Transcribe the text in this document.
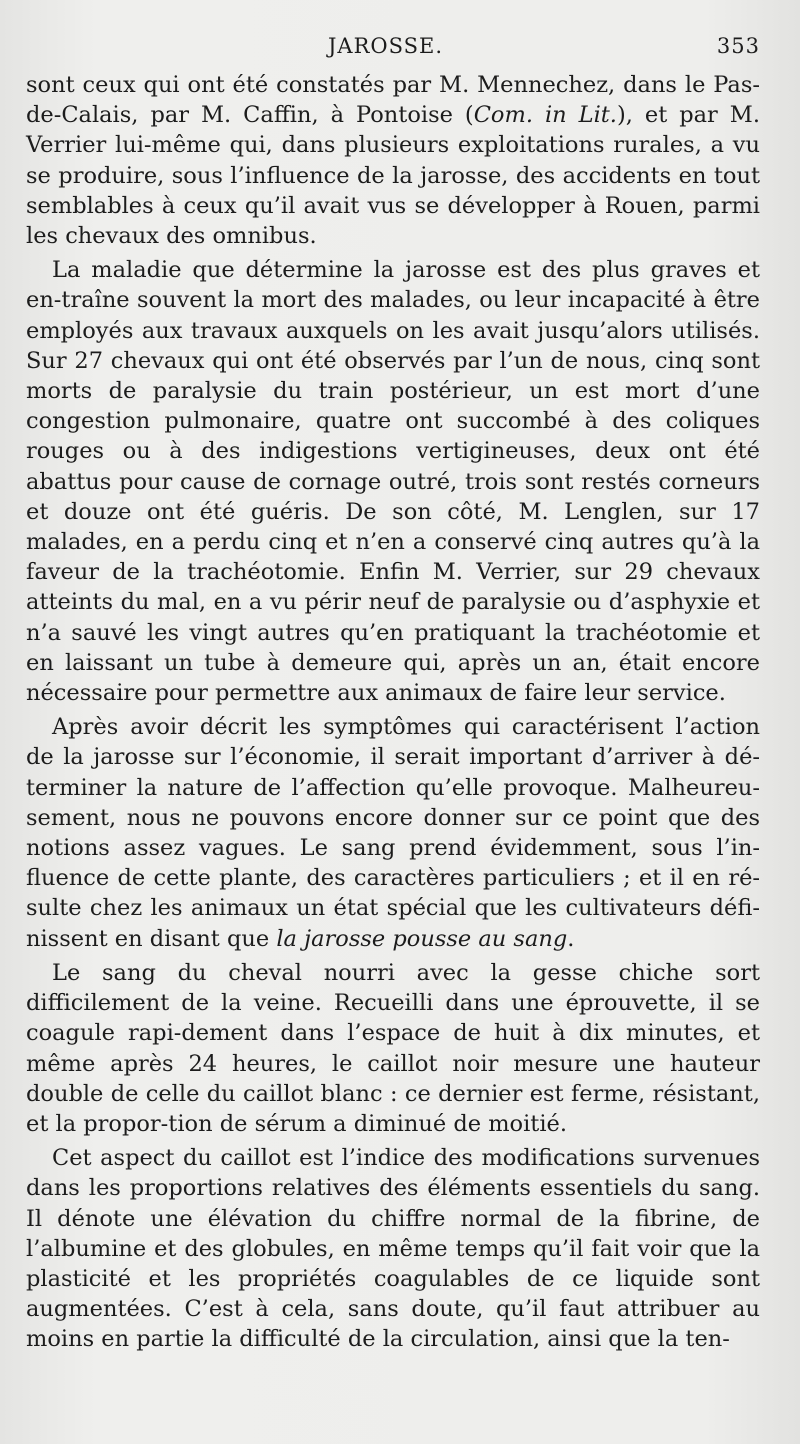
JAROSSE.	353

sont ceux qui ont été constatés par M. Mennechez, dans le Pas-de-Calais, par M. Caffin, à Pontoise (Com. in Lit.), et par M. Verrier lui-même qui, dans plusieurs exploitations rurales, a vu se produire, sous l’influence de la jarosse, des accidents en tout semblables à ceux qu’il avait vus se développer à Rouen, parmi les chevaux des omnibus.

La maladie que détermine la jarosse est des plus graves et en-traîne souvent la mort des malades, ou leur incapacité à être employés aux travaux auxquels on les avait jusqu’alors utilisés. Sur 27 chevaux qui ont été observés par l’un de nous, cinq sont morts de paralysie du train postérieur, un est mort d’une congestion pulmonaire, quatre ont succombé à des coliques rouges ou à des indigestions vertigineuses, deux ont été abattus pour cause de cornage outré, trois sont restés corneurs et douze ont été guéris. De son côté, M. Lenglen, sur 17 malades, en a perdu cinq et n’en a conservé cinq autres qu’à la faveur de la trachéotomie. Enfin M. Verrier, sur 29 chevaux atteints du mal, en a vu périr neuf de paralysie ou d’asphyxie et n’a sauvé les vingt autres qu’en pratiquant la trachéotomie et en laissant un tube à demeure qui, après un an, était encore nécessaire pour permettre aux animaux de faire leur service.

Après avoir décrit les symptômes qui caractérisent l’action de la jarosse sur l’économie, il serait important d’arriver à dé-terminer la nature de l’affection qu’elle provoque. Malheureu-sement, nous ne pouvons encore donner sur ce point que des notions assez vagues. Le sang prend évidemment, sous l’in-fluence de cette plante, des caractères particuliers ; et il en ré-sulte chez les animaux un état spécial que les cultivateurs défi-nissent en disant que la jarosse pousse au sang.

Le sang du cheval nourri avec la gesse chiche sort difficilement de la veine. Recueilli dans une éprouvette, il se coagule rapi-dement dans l’espace de huit à dix minutes, et même après 24 heures, le caillot noir mesure une hauteur double de celle du caillot blanc : ce dernier est ferme, résistant, et la propor-tion de sérum a diminué de moitié.

Cet aspect du caillot est l’indice des modifications survenues dans les proportions relatives des éléments essentiels du sang. Il dénote une élévation du chiffre normal de la fibrine, de l’albumine et des globules, en même temps qu’il fait voir que la plasticité et les propriétés coagulables de ce liquide sont augmentées. C’est à cela, sans doute, qu’il faut attribuer au moins en partie la difficulté de la circulation, ainsi que la ten-
